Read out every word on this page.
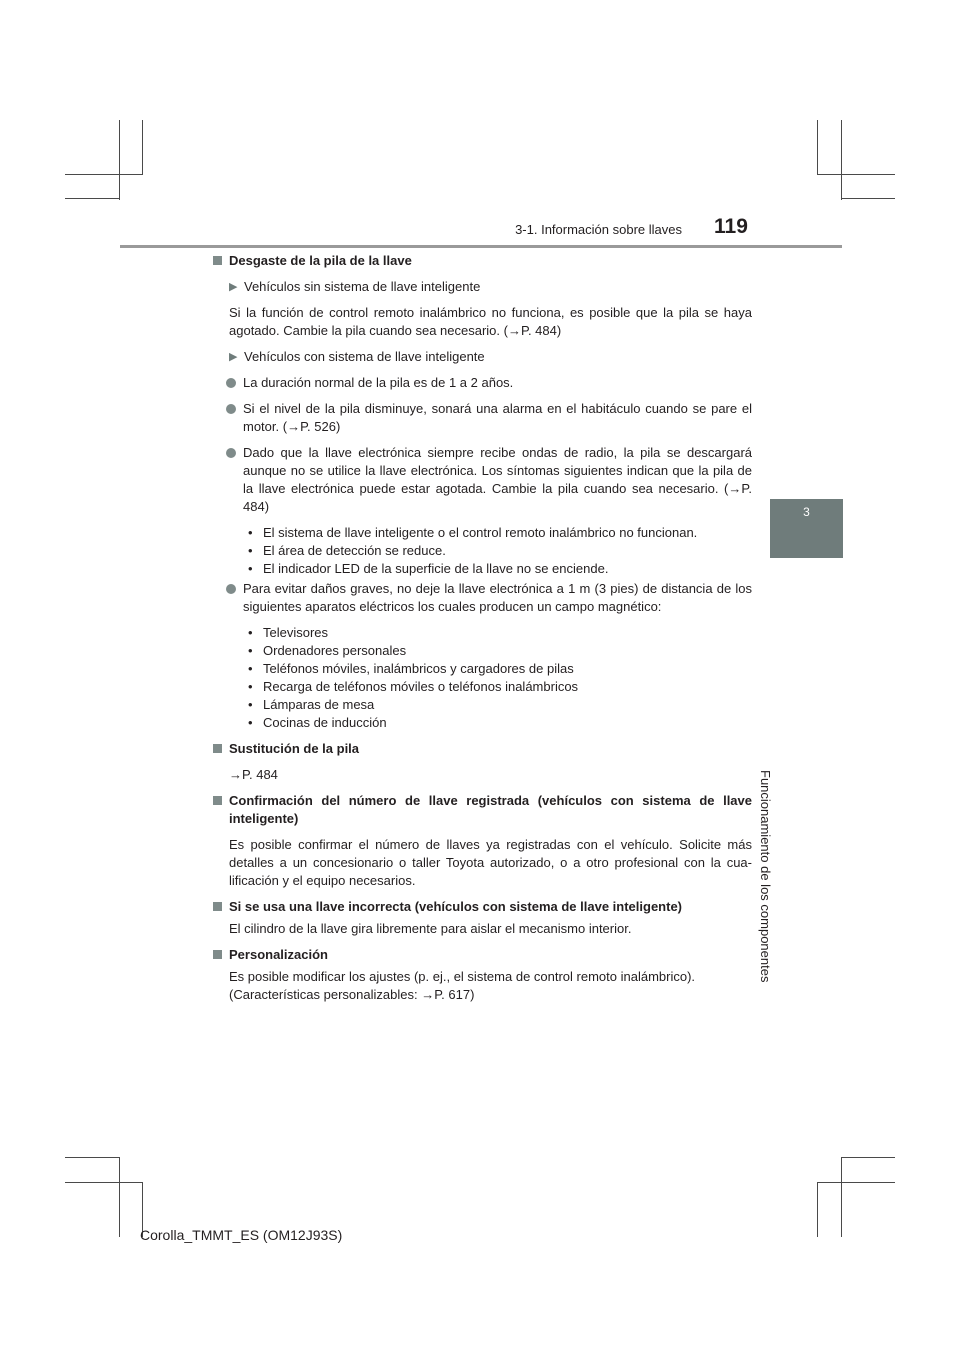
3-1. Información sobre llaves 119
3
Funcionamiento de los componentes
Desgaste de la pila de la llave
▶ Vehículos sin sistema de llave inteligente
Si la función de control remoto inalámbrico no funciona, es posible que la pila se haya agotado. Cambie la pila cuando sea necesario. (→P. 484)
▶ Vehículos con sistema de llave inteligente
La duración normal de la pila es de 1 a 2 años.
Si el nivel de la pila disminuye, sonará una alarma en el habitáculo cuando se pare el motor. (→P. 526)
Dado que la llave electrónica siempre recibe ondas de radio, la pila se descargará aunque no se utilice la llave electrónica. Los síntomas siguientes indican que la pila de la llave electrónica puede estar agotada. Cambie la pila cuando sea necesario. (→P. 484)
• El sistema de llave inteligente o el control remoto inalámbrico no funcionan.
• El área de detección se reduce.
• El indicador LED de la superficie de la llave no se enciende.
Para evitar daños graves, no deje la llave electrónica a 1 m (3 pies) de distancia de los siguientes aparatos eléctricos los cuales producen un campo magnético:
• Televisores
• Ordenadores personales
• Teléfonos móviles, inalámbricos y cargadores de pilas
• Recarga de teléfonos móviles o teléfonos inalámbricos
• Lámparas de mesa
• Cocinas de inducción
Sustitución de la pila
→P. 484
Confirmación del número de llave registrada (vehículos con sistema de llave inteligente)
Es posible confirmar el número de llaves ya registradas con el vehículo. Solicite más detalles a un concesionario o taller Toyota autorizado, o a otro profesional con la cua-lificación y el equipo necesarios.
Si se usa una llave incorrecta (vehículos con sistema de llave inteligente)
El cilindro de la llave gira libremente para aislar el mecanismo interior.
Personalización
Es posible modificar los ajustes (p. ej., el sistema de control remoto inalámbrico).
(Características personalizables: →P. 617)
Corolla_TMMT_ES (OM12J93S)
